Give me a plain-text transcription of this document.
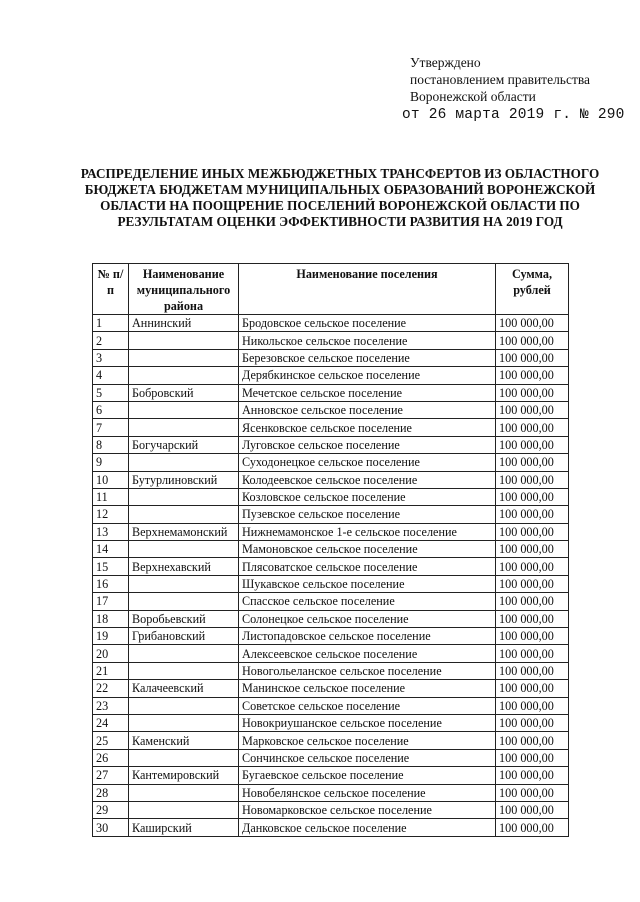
Утверждено
постановлением правительства
Воронежской области
от 26 марта 2019 г. № 290
РАСПРЕДЕЛЕНИЕ ИНЫХ МЕЖБЮДЖЕТНЫХ ТРАНСФЕРТОВ ИЗ ОБЛАСТНОГО БЮДЖЕТА БЮДЖЕТАМ МУНИЦИПАЛЬНЫХ ОБРАЗОВАНИЙ ВОРОНЕЖСКОЙ ОБЛАСТИ НА ПООЩРЕНИЕ ПОСЕЛЕНИЙ ВОРОНЕЖСКОЙ ОБЛАСТИ ПО РЕЗУЛЬТАТАМ ОЦЕНКИ ЭФФЕКТИВНОСТИ РАЗВИТИЯ НА 2019 ГОД
№ п/п	Наименование муниципального района	Наименование поселения	Сумма, рублей
1	Аннинский	Бродовское сельское поселение	100 000,00
2		Никольское сельское поселение	100 000,00
3		Березовское сельское поселение	100 000,00
4		Дерябкинское сельское поселение	100 000,00
5	Бобровский	Мечетское сельское поселение	100 000,00
6		Анновское сельское поселение	100 000,00
7		Ясенковское сельское поселение	100 000,00
8	Богучарский	Луговское сельское поселение	100 000,00
9		Суходонецкое сельское поселение	100 000,00
10	Бутурлиновский	Колодеевское сельское поселение	100 000,00
11		Козловское сельское поселение	100 000,00
12		Пузевское сельское поселение	100 000,00
13	Верхнемамонский	Нижнемамонское 1-е сельское поселение	100 000,00
14		Мамоновское сельское поселение	100 000,00
15	Верхнехавский	Плясоватское сельское поселение	100 000,00
16		Шукавское сельское поселение	100 000,00
17		Спасское сельское поселение	100 000,00
18	Воробьевский	Солонецкое сельское поселение	100 000,00
19	Грибановский	Листопадовское сельское поселение	100 000,00
20		Алексеевское сельское поселение	100 000,00
21		Новогольеланское сельское поселение	100 000,00
22	Калачеевский	Манинское сельское поселение	100 000,00
23		Советское сельское поселение	100 000,00
24		Новокриушанское сельское поселение	100 000,00
25	Каменский	Марковское сельское поселение	100 000,00
26		Сончинское сельское поселение	100 000,00
27	Кантемировский	Бугаевское сельское поселение	100 000,00
28		Новобелянское сельское поселение	100 000,00
29		Новомарковское сельское поселение	100 000,00
30	Каширский	Данковское сельское поселение	100 000,00
